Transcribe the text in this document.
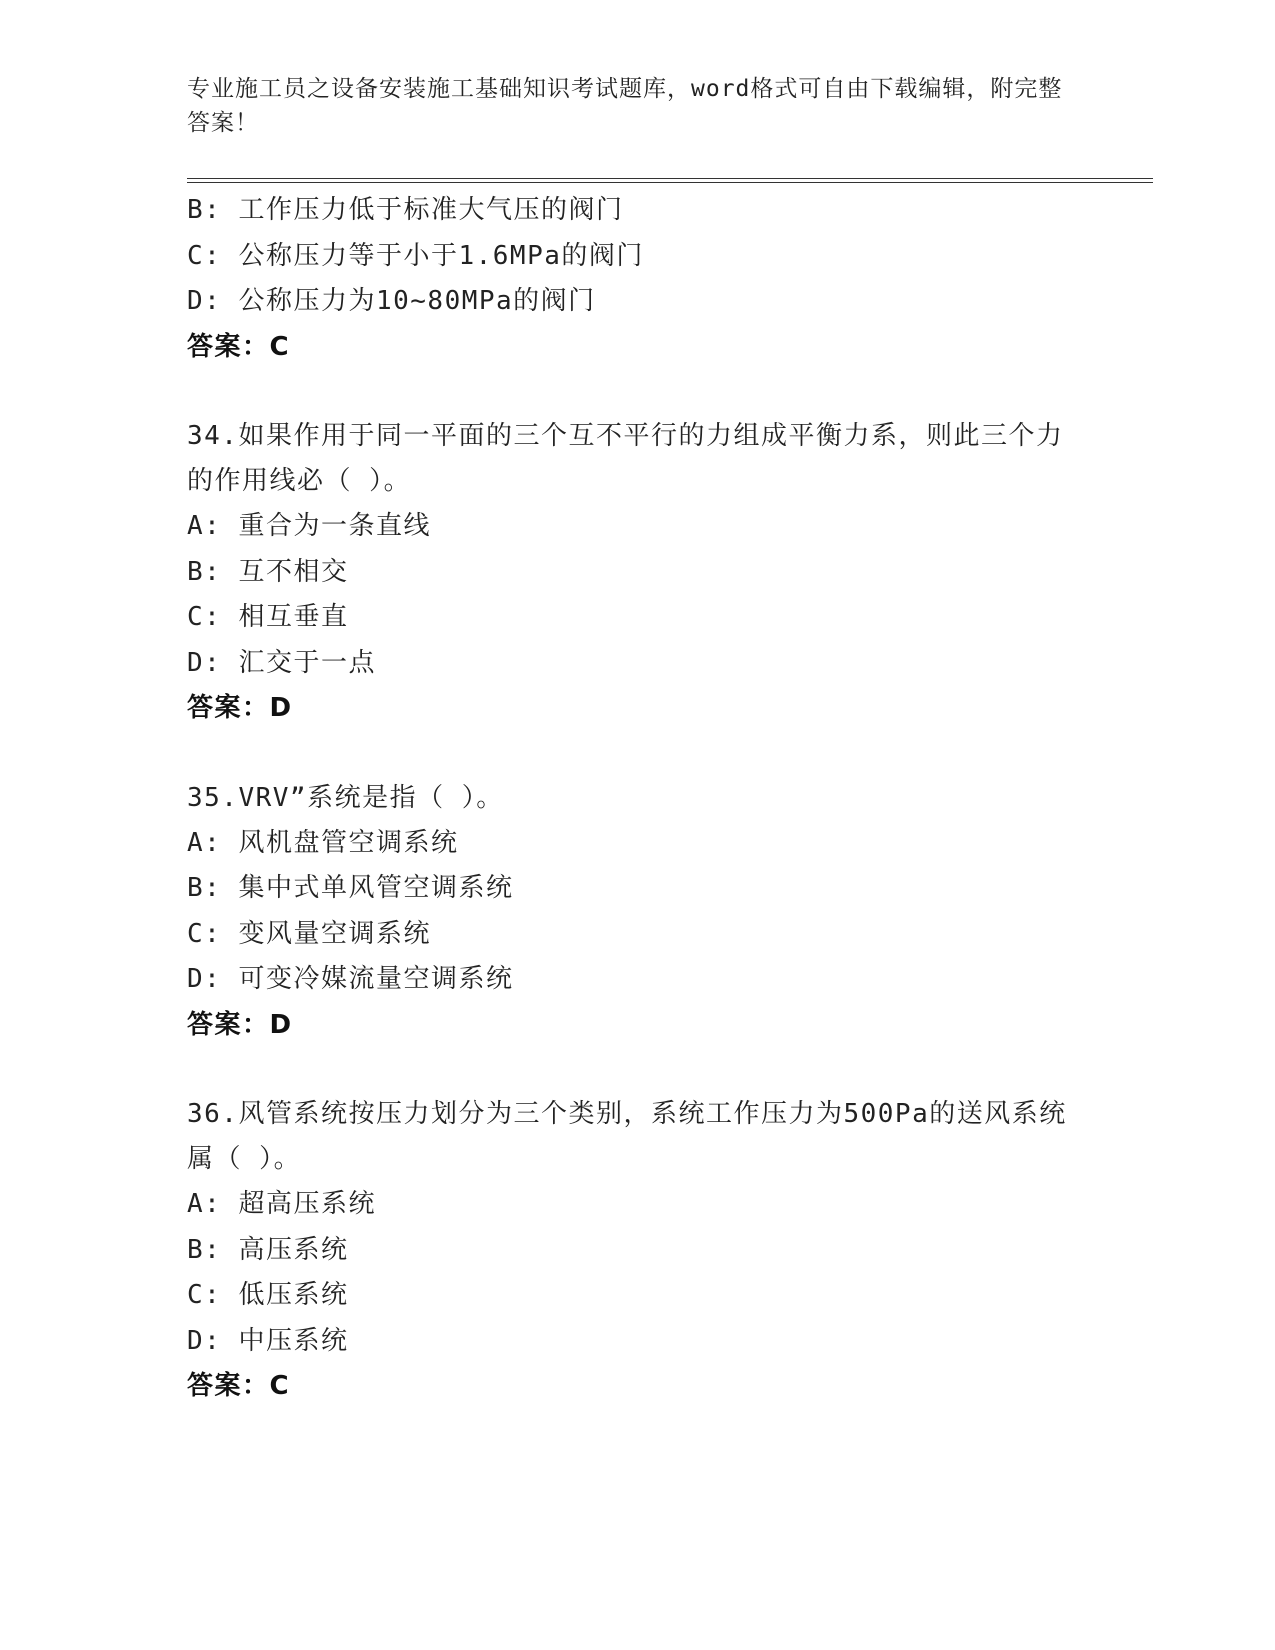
专业施工员之设备安装施工基础知识考试题库，word格式可自由下载编辑，附完整答案！
B: 工作压力低于标准大气压的阀门
C: 公称压力等于小于1.6MPa的阀门
D: 公称压力为10~80MPa的阀门
答案：C
34.如果作用于同一平面的三个互不平行的力组成平衡力系，则此三个力的作用线必（ ）。
A: 重合为一条直线
B: 互不相交
C: 相互垂直
D: 汇交于一点
答案：D
35.VRV”系统是指（ ）。
A: 风机盘管空调系统
B: 集中式单风管空调系统
C: 变风量空调系统
D: 可变冷媒流量空调系统
答案：D
36.风管系统按压力划分为三个类别，系统工作压力为500Pa的送风系统属（ ）。
A: 超高压系统
B: 高压系统
C: 低压系统
D: 中压系统
答案：C
